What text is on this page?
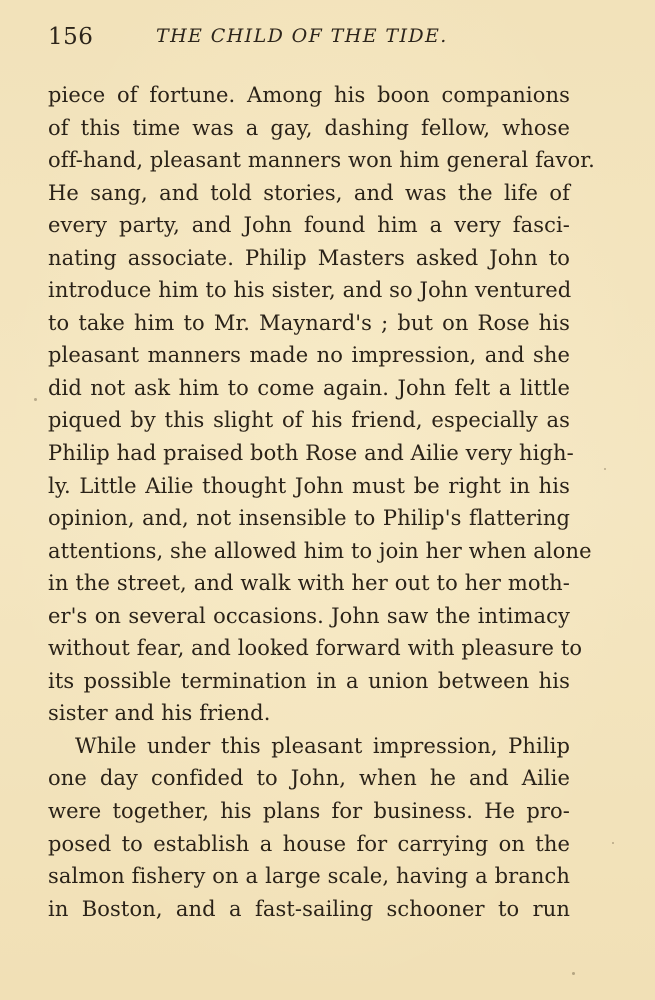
156	THE CHILD OF THE TIDE.
piece of fortune. Among his boon companions
of this time was a gay, dashing fellow, whose
off-hand, pleasant manners won him general favor.
He sang, and told stories, and was the life of
every party, and John found him a very fasci-
nating associate. Philip Masters asked John to
introduce him to his sister, and so John ventured
to take him to Mr. Maynard's ; but on Rose his
pleasant manners made no impression, and she
did not ask him to come again. John felt a little
piqued by this slight of his friend, especially as
Philip had praised both Rose and Ailie very high-
ly. Little Ailie thought John must be right in his
opinion, and, not insensible to Philip's flattering
attentions, she allowed him to join her when alone
in the street, and walk with her out to her moth-
er's on several occasions. John saw the intimacy
without fear, and looked forward with pleasure to
its possible termination in a union between his
sister and his friend.
While under this pleasant impression, Philip
one day confided to John, when he and Ailie
were together, his plans for business. He pro-
posed to establish a house for carrying on the
salmon fishery on a large scale, having a branch
in Boston, and a fast-sailing schooner to run
